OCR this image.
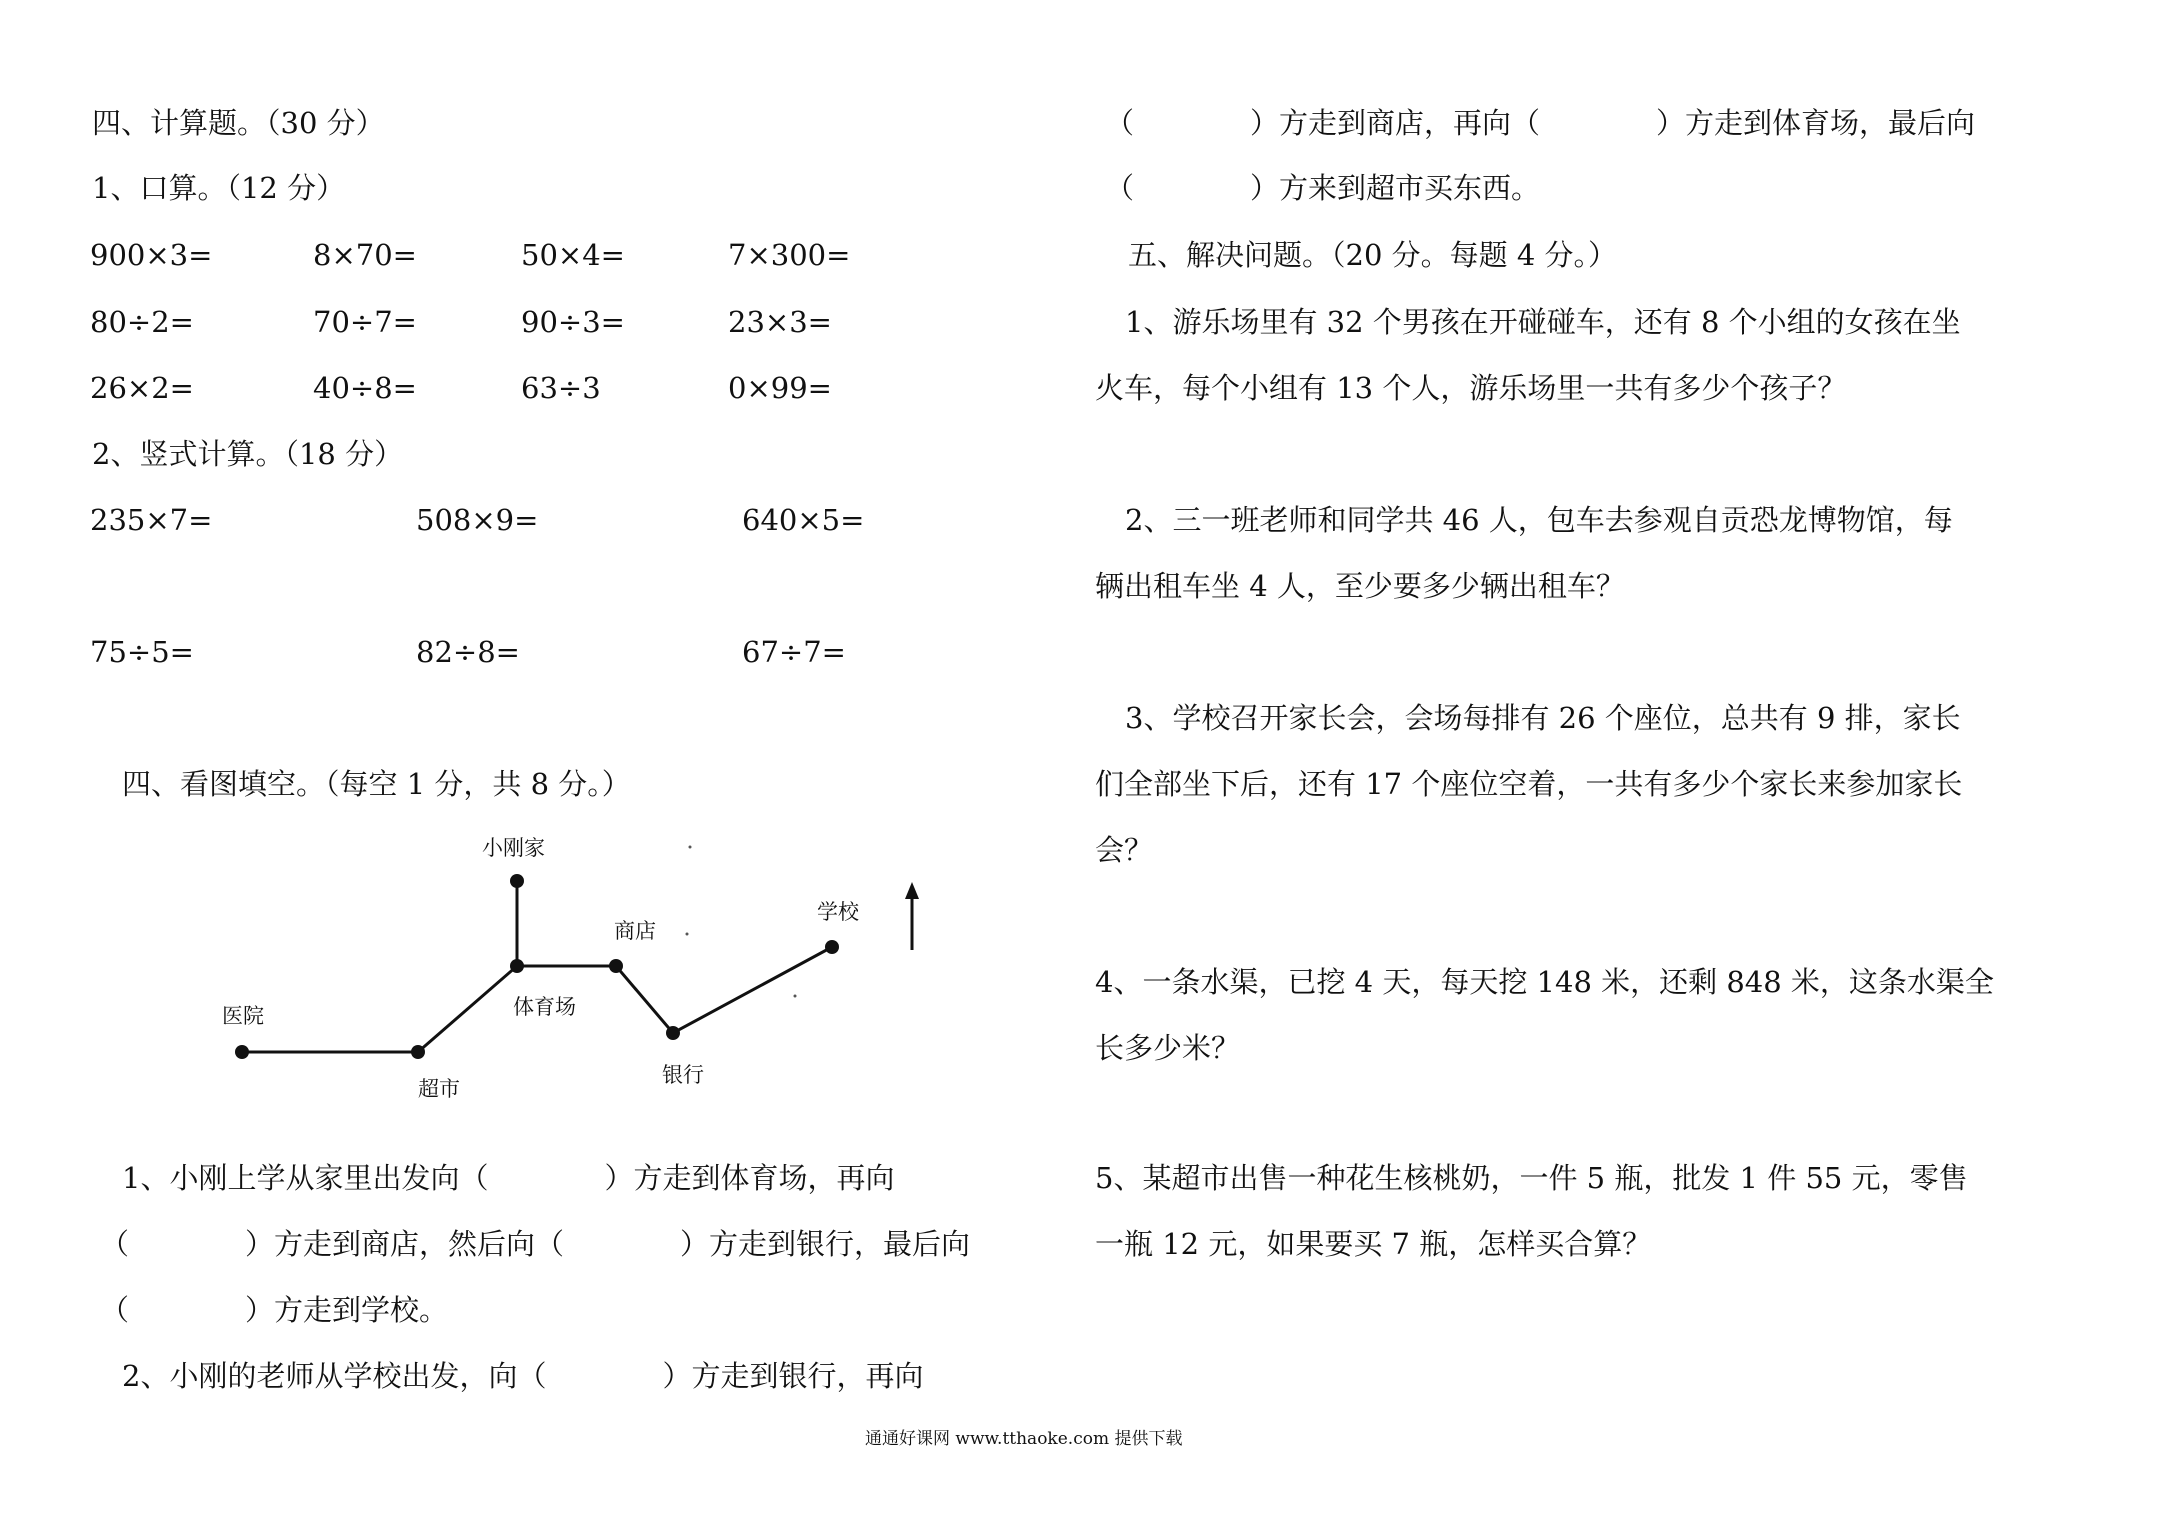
四、计算题。（30 分）
1、口算。（12 分）
900×3=	8×70=	50×4=	7×300=
80÷2=	70÷7=	90÷3=	23×3=
26×2=	40÷8=	63÷3	0×99=
2、竖式计算。（18 分）
235×7=	508×9=	640×5=
75÷5=	82÷8=	67÷7=
四、看图填空。（每空 1 分，共 8 分。）
小刚家
商店
学校
医院	体育场
超市
银行
1、小刚上学从家里出发向（　　　　）方走到体育场，再向
（　　　　）方走到商店，然后向（　　　　）方走到银行，最后向
（　　　　）方走到学校。
2、小刚的老师从学校出发，向（　　　　）方走到银行，再向
（　　　　）方走到商店，再向（　　　　）方走到体育场，最后向
（　　　　）方来到超市买东西。
五、解决问题。（20 分。每题 4 分。）
1、游乐场里有 32 个男孩在开碰碰车，还有 8 个小组的女孩在坐
火车，每个小组有 13 个人，游乐场里一共有多少个孩子？
2、三一班老师和同学共 46 人，包车去参观自贡恐龙博物馆，每
辆出租车坐 4 人，至少要多少辆出租车？
3、学校召开家长会，会场每排有 26 个座位，总共有 9 排，家长
们全部坐下后，还有 17 个座位空着，一共有多少个家长来参加家长
会？
4、一条水渠，已挖 4 天，每天挖 148 米，还剩 848 米，这条水渠全
长多少米？
5、某超市出售一种花生核桃奶，一件 5 瓶，批发 1 件 55 元，零售
一瓶 12 元，如果要买 7 瓶，怎样买合算？
通通好课网 www.tthaoke.com 提供下载
